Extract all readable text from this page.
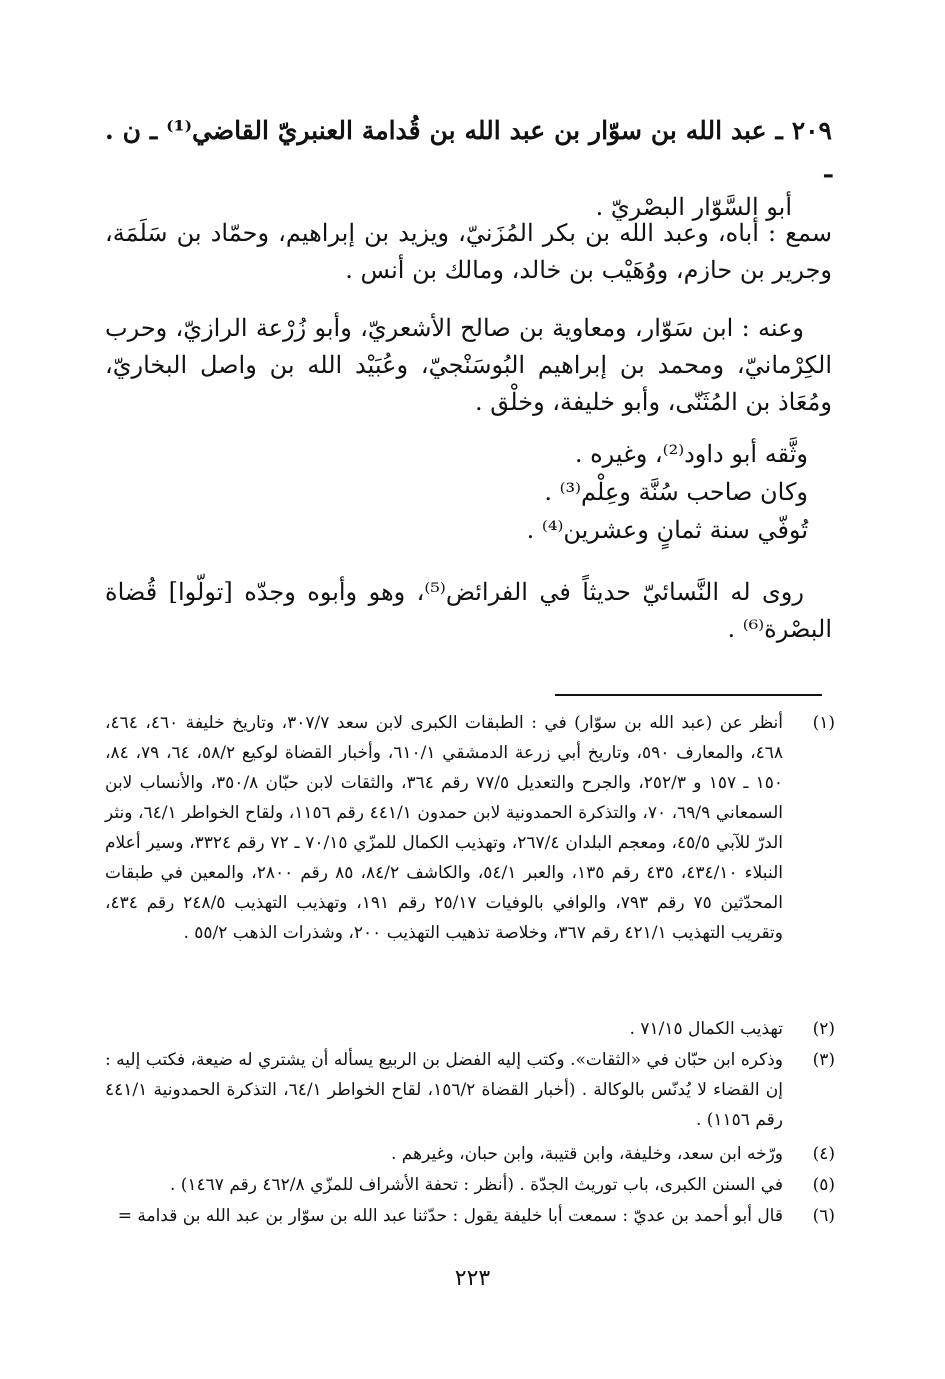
٢٠٩ ـ عبد الله بن سوّار بن عبد الله بن قُدامة العنبريّ القاضي⁽¹⁾ ـ ن . ـ
أبو السَّوّار البصْريّ .
سمع : أباه، وعبد الله بن بكر المُزَنيّ، ويزيد بن إبراهيم، وحمّاد بن سَلَمَة، وجرير بن حازم، ووُهَيْب بن خالد، ومالك بن أنس .
وعنه : ابن سَوّار، ومعاوية بن صالح الأشعريّ، وأبو زُرْعة الرازيّ، وحرب الكِرْمانيّ، ومحمد بن إبراهيم البُوسَنْجيّ، وعُبَيْد الله بن واصل البخاريّ، ومُعَاذ بن المُثَنّى، وأبو خليفة، وخلْق .
وثَّقه أبو داود⁽²⁾، وغيره .
وكان صاحب سُنَّة وعِلْم⁽³⁾ .
تُوفّي سنة ثمانٍ وعشرين⁽⁴⁾ .
روى له النَّسائيّ حديثاً في الفرائض⁽⁵⁾، وهو وأبوه وجدّه [تولّوا] قُضاة البصْرة⁽⁶⁾ .
(١)
أنظر عن (عبد الله بن سوّار) في : الطبقات الكبرى لابن سعد ٣٠٧/٧، وتاريخ خليفة ٤٦٠، ٤٦٤، ٤٦٨، والمعارف ٥٩٠، وتاريخ أبي زرعة الدمشقي ٦١٠/١، وأخبار القضاة لوكيع ٥٨/٢، ٦٤، ٧٩، ٨٤، ١٥٠ ـ ١٥٧ و ٢٥٢/٣، والجرح والتعديل ٧٧/٥ رقم ٣٦٤، والثقات لابن حبّان ٣٥٠/٨، والأنساب لابن السمعاني ٦٩/٩، ٧٠، والتذكرة الحمدونية لابن حمدون ٤٤١/١ رقم ١١٥٦، ولقاح الخواطر ٦٤/١، ونثر الدرّ للآبي ٤٥/٥، ومعجم البلدان ٢٦٧/٤، وتهذيب الكمال للمزّي ٧٠/١٥ ـ ٧٢ رقم ٣٣٢٤، وسير أعلام النبلاء ٤٣٤/١٠، ٤٣٥ رقم ١٣٥، والعبر ٥٤/١، والكاشف ٨٤/٢، ٨٥ رقم ٢٨٠٠، والمعين في طبقات المحدّثين ٧٥ رقم ٧٩٣، والوافي بالوفيات ٢٥/١٧ رقم ١٩١، وتهذيب التهذيب ٢٤٨/٥ رقم ٤٣٤، وتقريب التهذيب ٤٢١/١ رقم ٣٦٧، وخلاصة تذهيب التهذيب ٢٠٠، وشذرات الذهب ٥٥/٢ .
(٢)
تهذيب الكمال ٧١/١٥ .
(٣)
وذكره ابن حبّان في «الثقات». وكتب إليه الفضل بن الربيع يسأله أن يشتري له ضيعة، فكتب إليه : إن القضاء لا يُدنّس بالوكالة . (أخبار القضاة ١٥٦/٢، لقاح الخواطر ٦٤/١، التذكرة الحمدونية ٤٤١/١ رقم ١١٥٦) .
(٤)
ورّخه ابن سعد، وخليفة، وابن قتيبة، وابن حبان، وغيرهم .
(٥)
في السنن الكبرى، باب توريث الجدّة . (أنظر : تحفة الأشراف للمزّي ٤٦٢/٨ رقم ١٤٦٧) .
(٦)
قال أبو أحمد بن عديّ : سمعت أبا خليفة يقول : حدّثنا عبد الله بن سوّار بن عبد الله بن قدامة =
٢٢٣
